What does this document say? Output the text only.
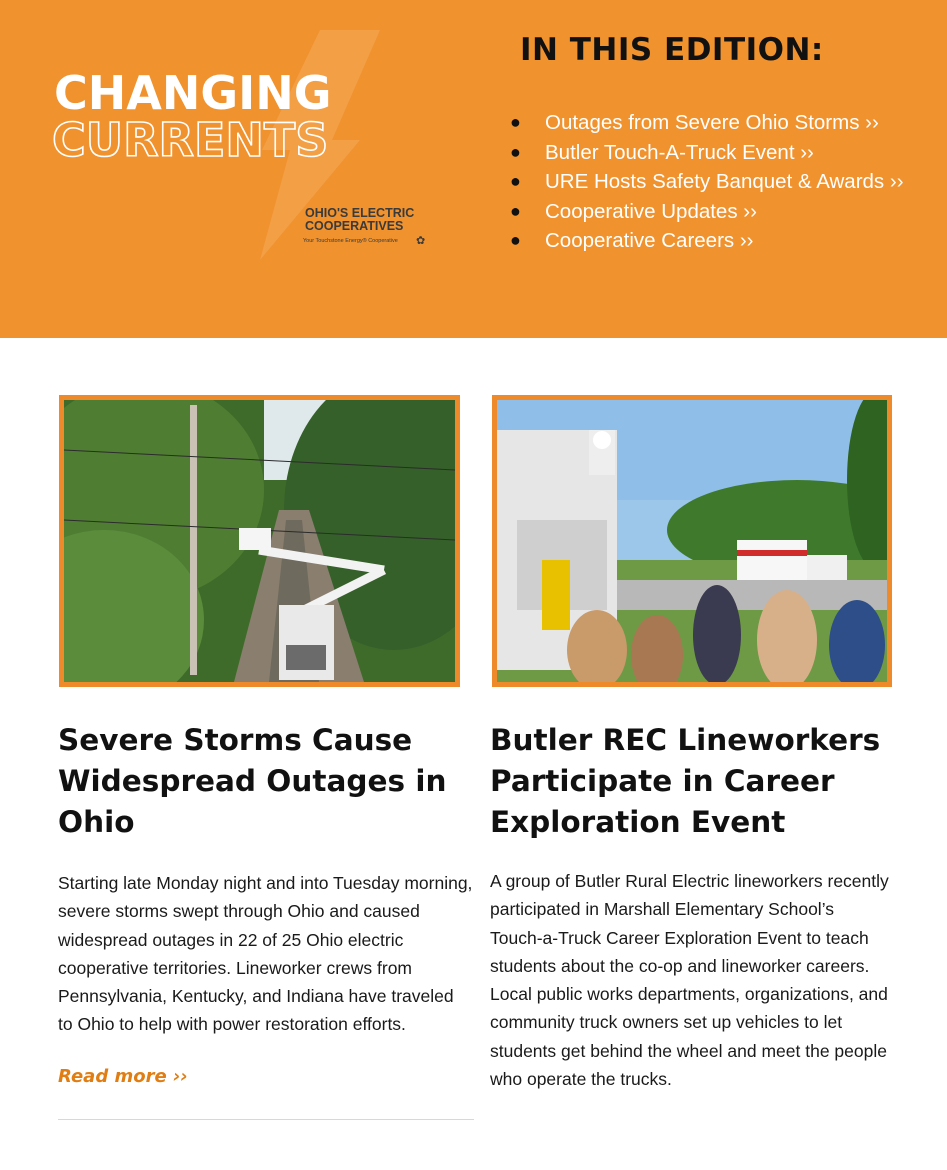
CHANGING
CURRENTS
OHIO'S ELECTRIC
COOPERATIVES
Your Touchstone Energy® Cooperative ✿
IN THIS EDITION:
● Outages from Severe Ohio Storms ››
● Butler Touch-A-Truck Event ››
● URE Hosts Safety Banquet & Awards ››
● Cooperative Updates ››
● Cooperative Careers ››
Severe Storms Cause Widespread Outages in Ohio

Starting late Monday night and into Tuesday morning, severe storms swept through Ohio and caused widespread outages in 22 of 25 Ohio electric cooperative territories. Lineworker crews from Pennsylvania, Kentucky, and Indiana have traveled to Ohio to help with power restoration efforts.

Read more ››
Butler REC Lineworkers Participate in Career Exploration Event

A group of Butler Rural Electric lineworkers recently participated in Marshall Elementary School’s Touch-a-Truck Career Exploration Event to teach students about the co-op and lineworker careers. Local public works departments, organizations, and community truck owners set up vehicles to let students get behind the wheel and meet the people who operate the trucks.
